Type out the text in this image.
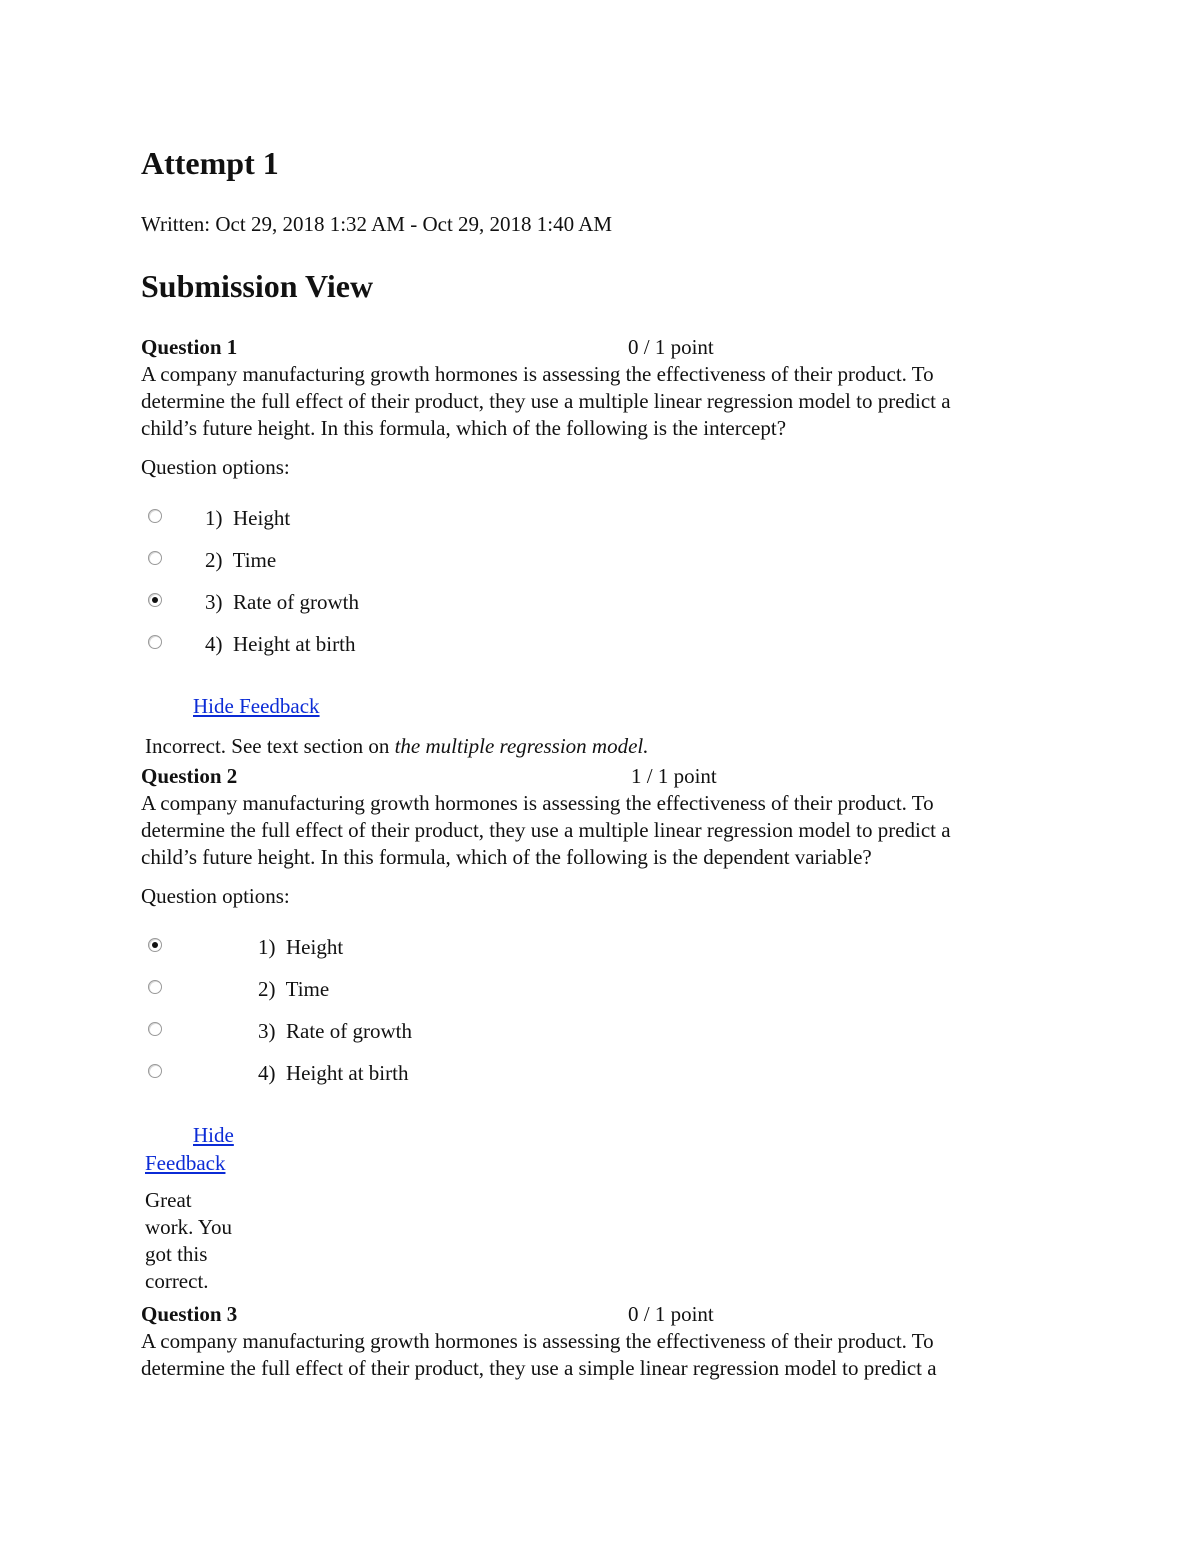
Attempt 1
Written: Oct 29, 2018 1:32 AM - Oct 29, 2018 1:40 AM
Submission View
Question 1	0 / 1 point
A company manufacturing growth hormones is assessing the effectiveness of their product. To
determine the full effect of their product, they use a multiple linear regression model to predict a
child’s future height. In this formula, which of the following is the intercept?
Question options:
1) Height
2) Time
3) Rate of growth
4) Height at birth
Hide Feedback
Incorrect. See text section on the multiple regression model.
Question 2	1 / 1 point
A company manufacturing growth hormones is assessing the effectiveness of their product. To
determine the full effect of their product, they use a multiple linear regression model to predict a
child’s future height. In this formula, which of the following is the dependent variable?
Question options:
1) Height
2) Time
3) Rate of growth
4) Height at birth
Hide
Feedback
Great
work. You
got this
correct.
Question 3	0 / 1 point
A company manufacturing growth hormones is assessing the effectiveness of their product. To
determine the full effect of their product, they use a simple linear regression model to predict a
